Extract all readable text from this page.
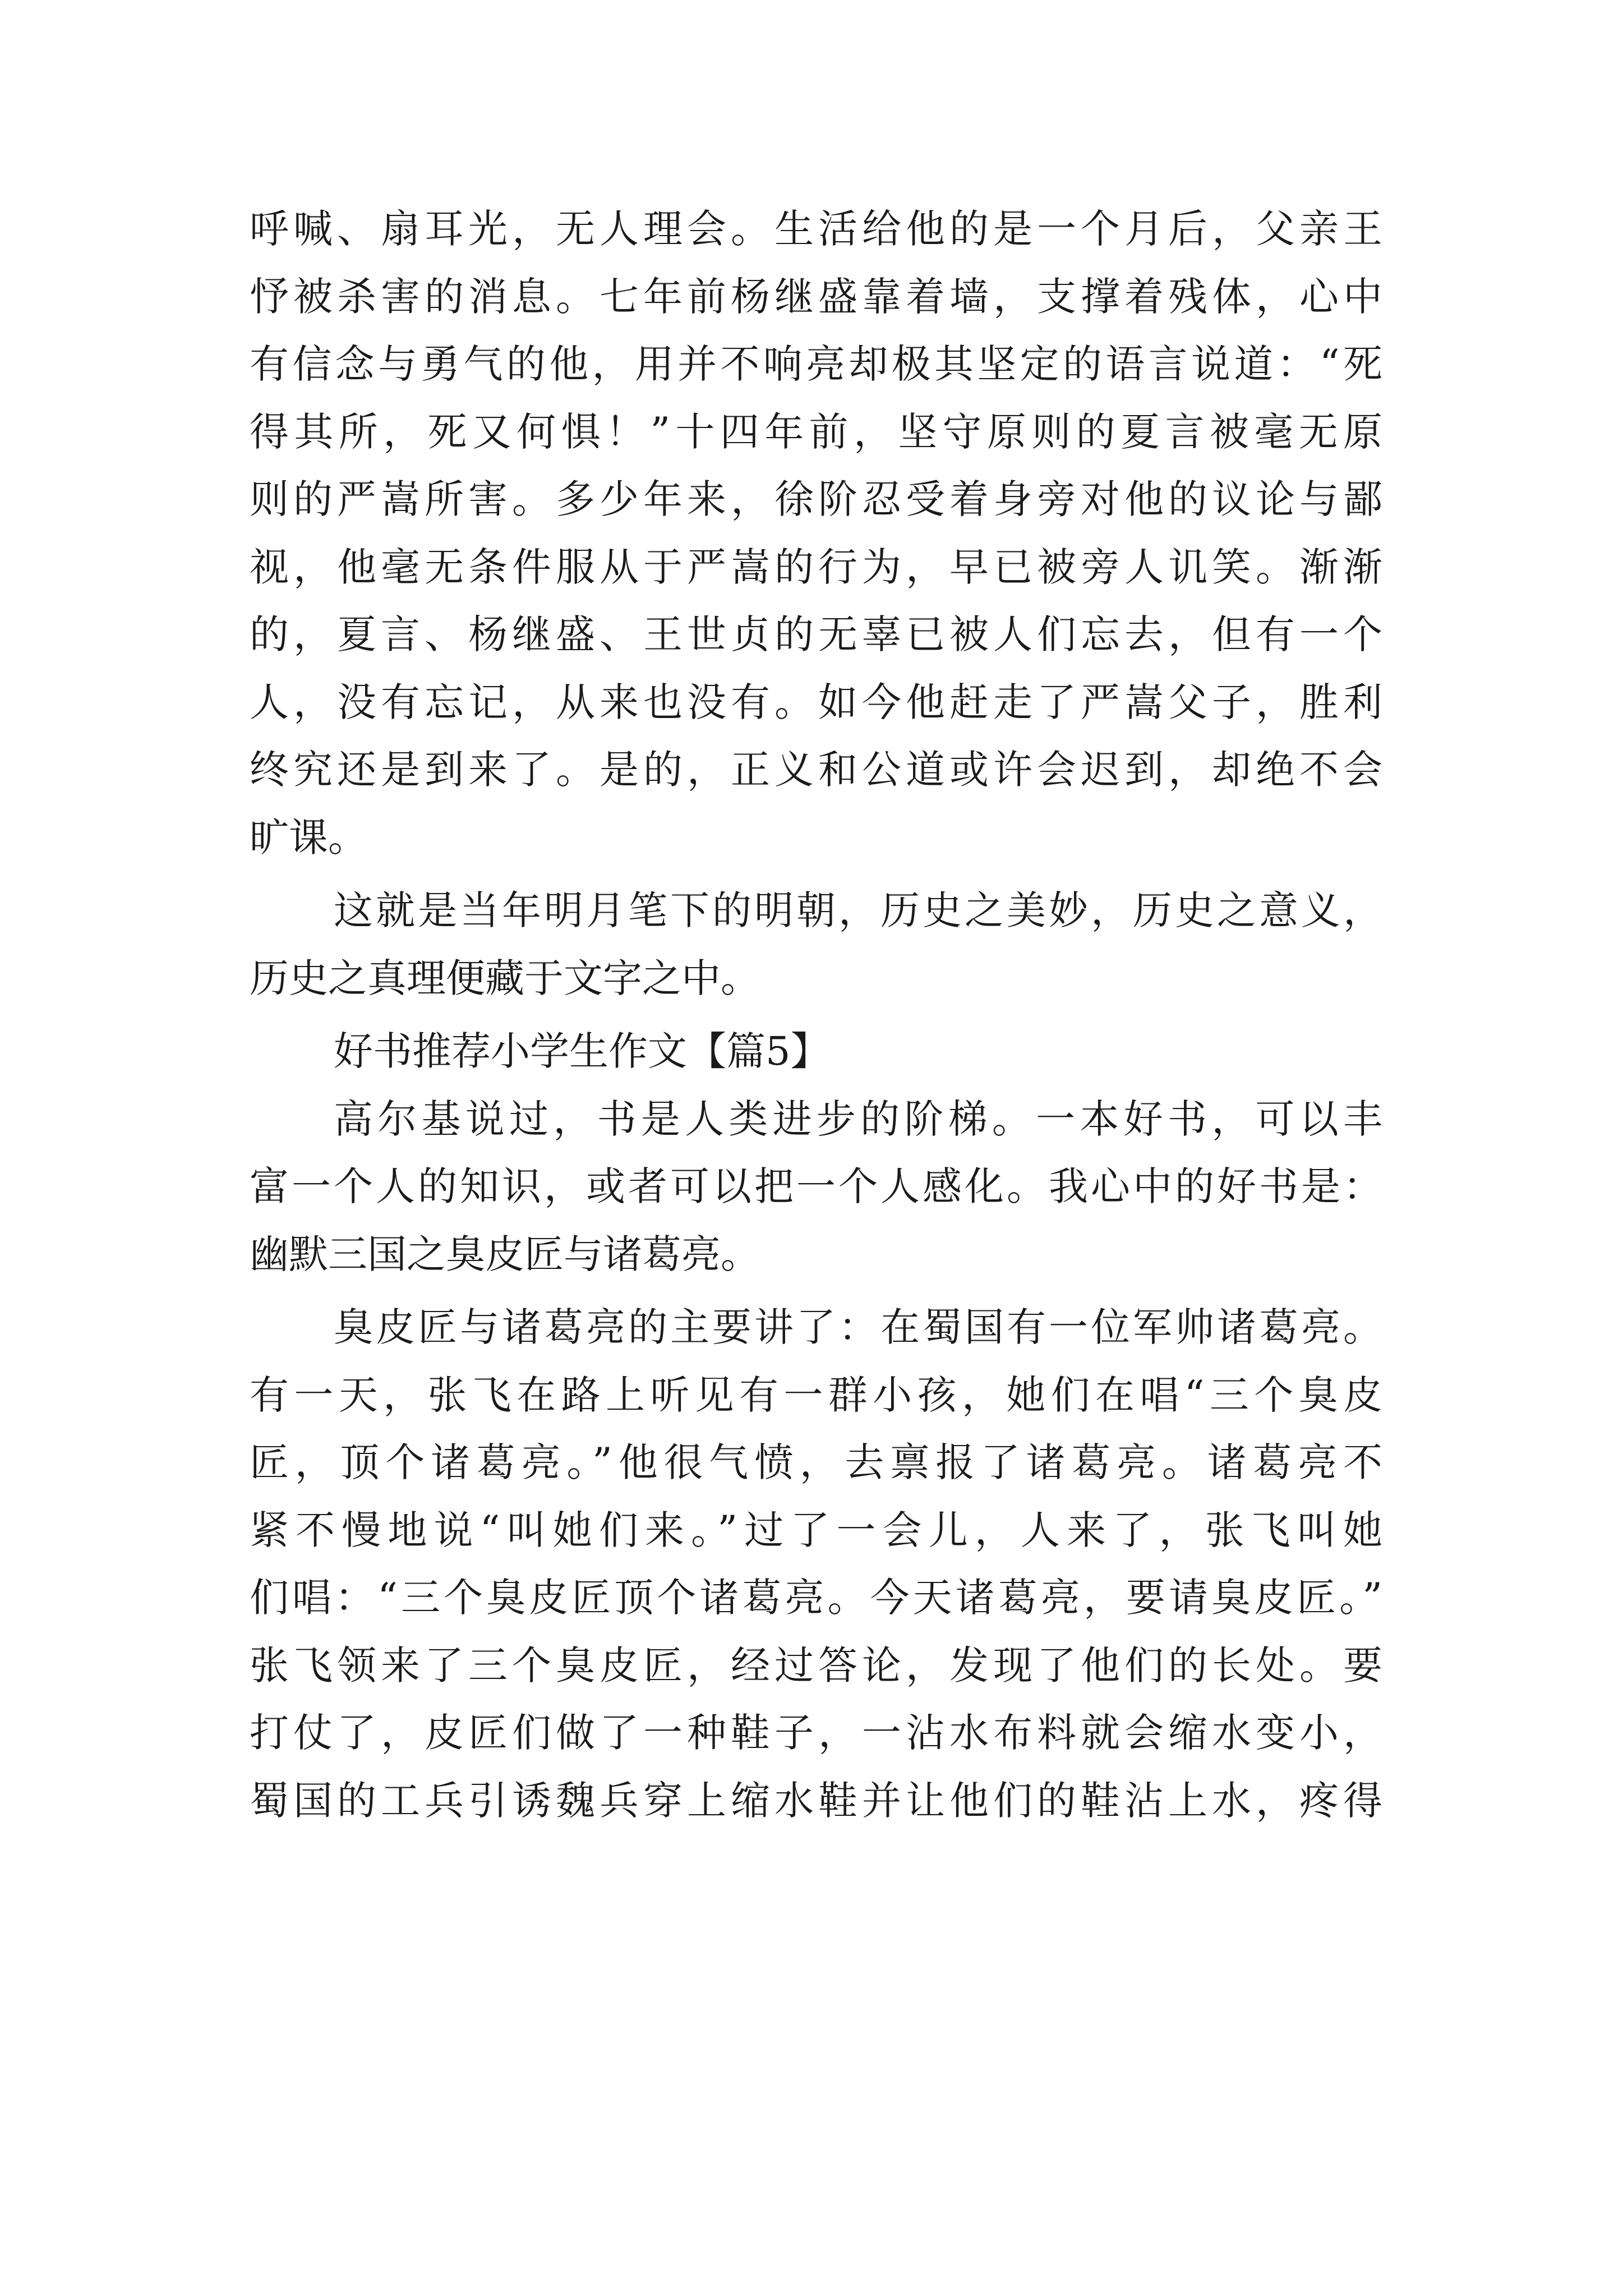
呼喊、扇耳光，无人理会。生活给他的是一个月后，父亲王
忬被杀害的消息。七年前杨继盛靠着墙，支撑着残体，心中
有信念与勇气的他，用并不响亮却极其坚定的语言说道：“死
得其所，死又何惧！”十四年前，坚守原则的夏言被毫无原
则的严嵩所害。多少年来，徐阶忍受着身旁对他的议论与鄙
视，他毫无条件服从于严嵩的行为，早已被旁人讥笑。渐渐
的，夏言、杨继盛、王世贞的无辜已被人们忘去，但有一个
人，没有忘记，从来也没有。如今他赶走了严嵩父子，胜利
终究还是到来了。是的，正义和公道或许会迟到，却绝不会
旷课。
这就是当年明月笔下的明朝，历史之美妙，历史之意义，
历史之真理便藏于文字之中。
好书推荐小学生作文【篇5】
高尔基说过，书是人类进步的阶梯。一本好书，可以丰
富一个人的知识，或者可以把一个人感化。我心中的好书是：
幽默三国之臭皮匠与诸葛亮。
臭皮匠与诸葛亮的主要讲了：在蜀国有一位军帅诸葛亮。
有一天，张飞在路上听见有一群小孩，她们在唱“三个臭皮
匠，顶个诸葛亮。”他很气愤，去禀报了诸葛亮。诸葛亮不
紧不慢地说“叫她们来。”过了一会儿，人来了，张飞叫她
们唱：“三个臭皮匠顶个诸葛亮。今天诸葛亮，要请臭皮匠。”
张飞领来了三个臭皮匠，经过答论，发现了他们的长处。要
打仗了，皮匠们做了一种鞋子，一沾水布料就会缩水变小，
蜀国的工兵引诱魏兵穿上缩水鞋并让他们的鞋沾上水，疼得
